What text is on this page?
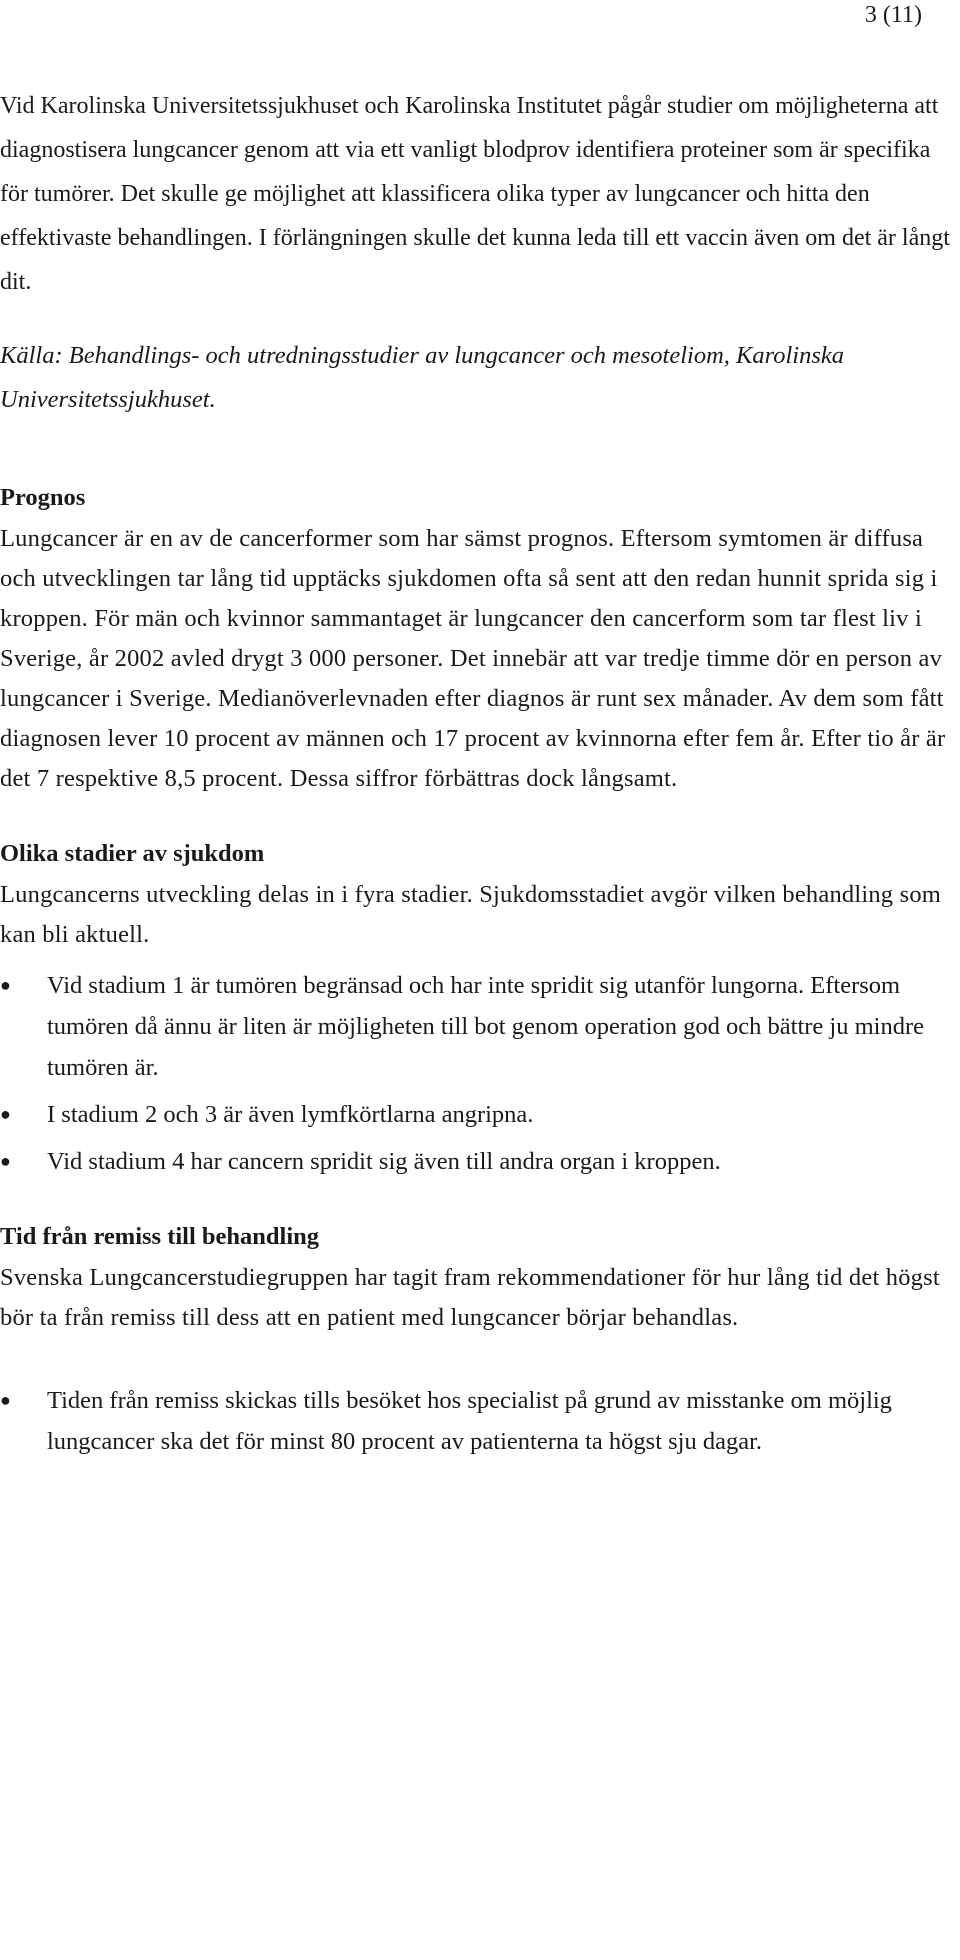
3 (11)

Vid Karolinska Universitetssjukhuset och Karolinska Institutet pågår studier om möjligheterna att diagnostisera lungcancer genom att via ett vanligt blodprov identifiera proteiner som är specifika för tumörer. Det skulle ge möjlighet att klassificera olika typer av lungcancer och hitta den effektivaste behandlingen. I förlängningen skulle det kunna leda till ett vaccin även om det är långt dit.

Källa: Behandlings- och utredningsstudier av lungcancer och mesoteliom, Karolinska Universitetssjukhuset.

Prognos

Lungcancer är en av de cancerformer som har sämst prognos. Eftersom symtomen är diffusa och utvecklingen tar lång tid upptäcks sjukdomen ofta så sent att den redan hunnit sprida sig i kroppen. För män och kvinnor sammantaget är lungcancer den cancerform som tar flest liv i Sverige, år 2002 avled drygt 3 000 personer. Det innebär att var tredje timme dör en person av lungcancer i Sverige. Medianöverlevnaden efter diagnos är runt sex månader. Av dem som fått diagnosen lever 10 procent av männen och 17 procent av kvinnorna efter fem år. Efter tio år är det 7 respektive 8,5 procent. Dessa siffror förbättras dock långsamt.

Olika stadier av sjukdom

Lungcancerns utveckling delas in i fyra stadier. Sjukdomsstadiet avgör vilken behandling som kan bli aktuell.

● Vid stadium 1 är tumören begränsad och har inte spridit sig utanför lungorna. Eftersom tumören då ännu är liten är möjligheten till bot genom operation god och bättre ju mindre tumören är.
● I stadium 2 och 3 är även lymfkörtlarna angripna.
● Vid stadium 4 har cancern spridit sig även till andra organ i kroppen.
Tid från remiss till behandling

Svenska Lungcancerstudiegruppen har tagit fram rekommendationer för hur lång tid det högst bör ta från remiss till dess att en patient med lungcancer börjar behandlas.

● Tiden från remiss skickas tills besöket hos specialist på grund av misstanke om möjlig lungcancer ska det för minst 80 procent av patienterna ta högst sju dagar.
